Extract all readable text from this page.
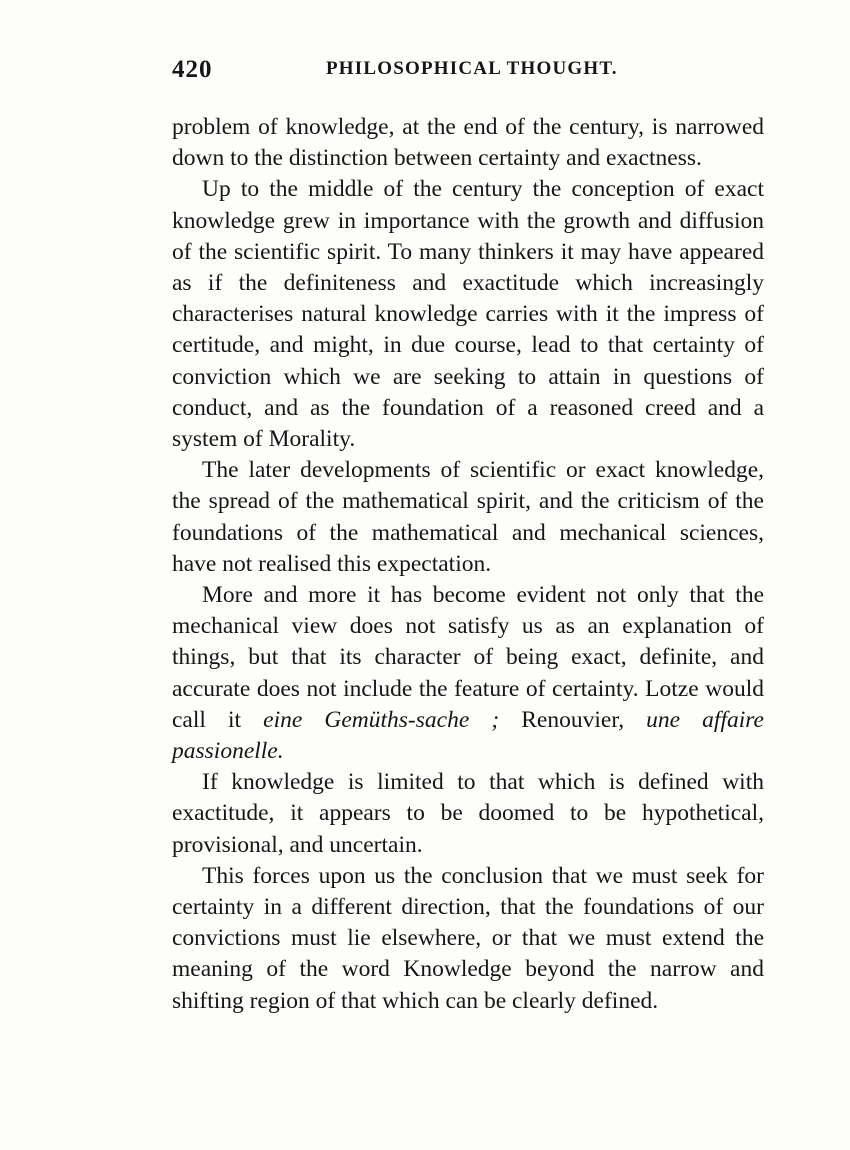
420	PHILOSOPHICAL THOUGHT.

problem of knowledge, at the end of the century, is narrowed down to the distinction between certainty and exactness.

Up to the middle of the century the conception of exact knowledge grew in importance with the growth and diffusion of the scientific spirit. To many thinkers it may have appeared as if the definiteness and exactitude which increasingly characterises natural knowledge carries with it the impress of certitude, and might, in due course, lead to that certainty of conviction which we are seeking to attain in questions of conduct, and as the foundation of a reasoned creed and a system of Morality.

The later developments of scientific or exact knowledge, the spread of the mathematical spirit, and the criticism of the foundations of the mathematical and mechanical sciences, have not realised this expectation.

More and more it has become evident not only that the mechanical view does not satisfy us as an explanation of things, but that its character of being exact, definite, and accurate does not include the feature of certainty. Lotze would call it eine Gemüths-sache ; Renouvier, une affaire passionelle.

If knowledge is limited to that which is defined with exactitude, it appears to be doomed to be hypothetical, provisional, and uncertain.

This forces upon us the conclusion that we must seek for certainty in a different direction, that the foundations of our convictions must lie elsewhere, or that we must extend the meaning of the word Knowledge beyond the narrow and shifting region of that which can be clearly defined.
